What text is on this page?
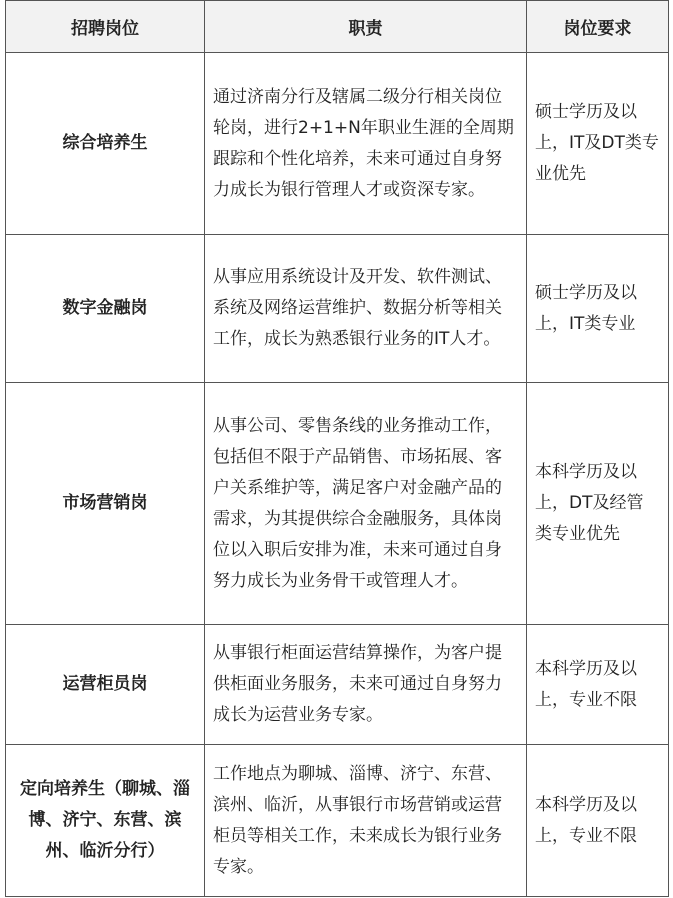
招聘岗位	职责	岗位要求
综合培养生	通过济南分行及辖属二级分行相关岗位轮岗，进行2+1+N年职业生涯的全周期跟踪和个性化培养，未来可通过自身努力成长为银行管理人才或资深专家。	硕士学历及以上，IT及DT类专业优先
数字金融岗	从事应用系统设计及开发、软件测试、系统及网络运营维护、数据分析等相关工作，成长为熟悉银行业务的IT人才。	硕士学历及以上，IT类专业
市场营销岗	从事公司、零售条线的业务推动工作，包括但不限于产品销售、市场拓展、客户关系维护等，满足客户对金融产品的需求，为其提供综合金融服务，具体岗位以入职后安排为准，未来可通过自身努力成长为业务骨干或管理人才。	本科学历及以上，DT及经管类专业优先
运营柜员岗	从事银行柜面运营结算操作，为客户提供柜面业务服务，未来可通过自身努力成长为运营业务专家。	本科学历及以上，专业不限
定向培养生（聊城、淄博、济宁、东营、滨州、临沂分行）	工作地点为聊城、淄博、济宁、东营、滨州、临沂，从事银行市场营销或运营柜员等相关工作，未来成长为银行业务专家。	本科学历及以上，专业不限
